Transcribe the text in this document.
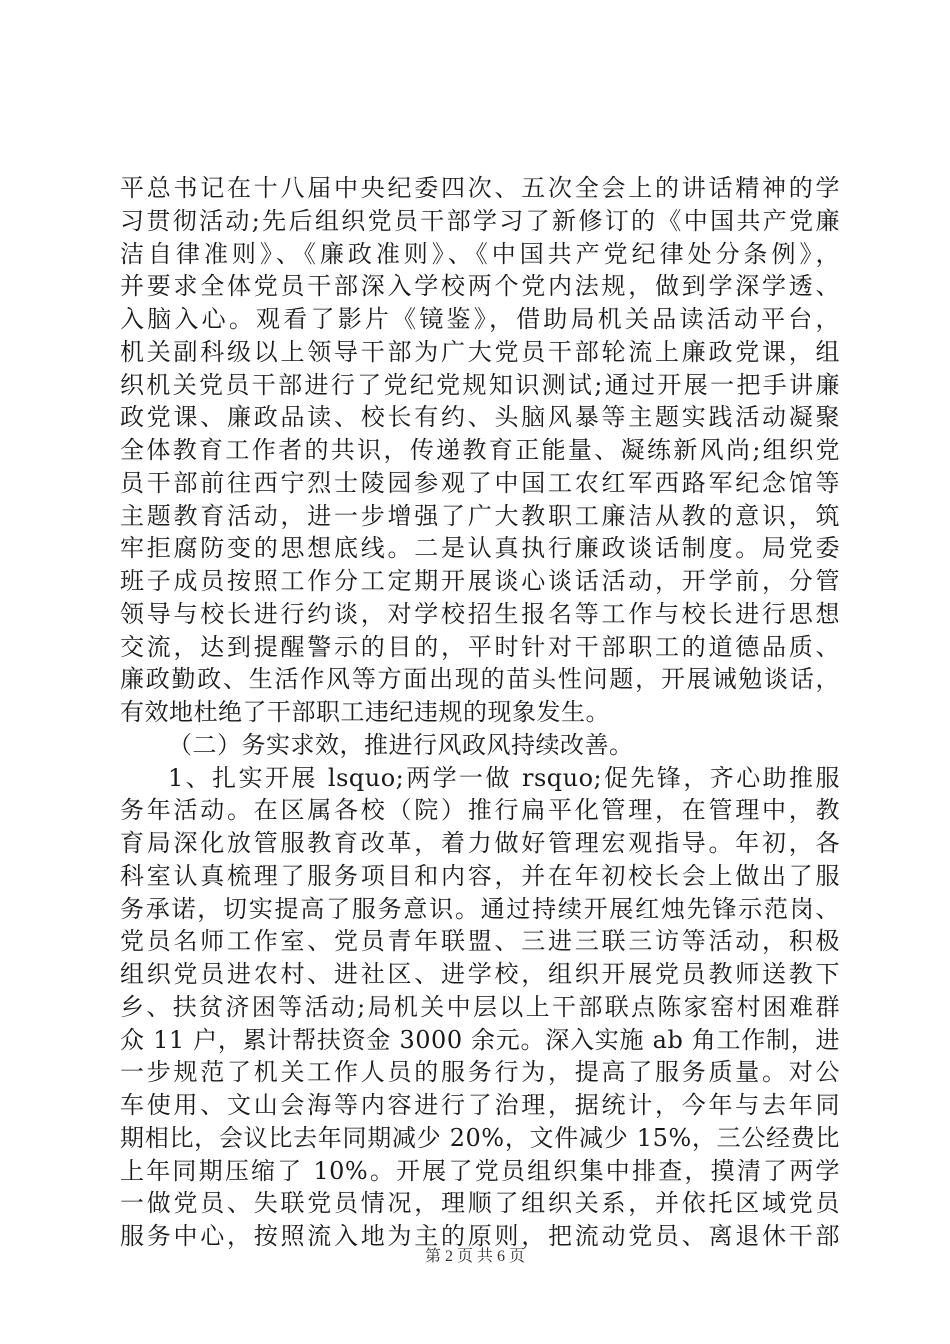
平总书记在十八届中央纪委四次、五次全会上的讲话精神的学
习贯彻活动;先后组织党员干部学习了新修订的《中国共产党廉
洁自律准则》、《廉政准则》、《中国共产党纪律处分条例》，
并要求全体党员干部深入学校两个党内法规，做到学深学透、
入脑入心。观看了影片《镜鉴》，借助局机关品读活动平台，
机关副科级以上领导干部为广大党员干部轮流上廉政党课，组
织机关党员干部进行了党纪党规知识测试;通过开展一把手讲廉
政党课、廉政品读、校长有约、头脑风暴等主题实践活动凝聚
全体教育工作者的共识，传递教育正能量、凝练新风尚;组织党
员干部前往西宁烈士陵园参观了中国工农红军西路军纪念馆等
主题教育活动，进一步增强了广大教职工廉洁从教的意识，筑
牢拒腐防变的思想底线。二是认真执行廉政谈话制度。局党委
班子成员按照工作分工定期开展谈心谈话活动，开学前，分管
领导与校长进行约谈，对学校招生报名等工作与校长进行思想
交流，达到提醒警示的目的，平时针对干部职工的道德品质、
廉政勤政、生活作风等方面出现的苗头性问题，开展诫勉谈话，
有效地杜绝了干部职工违纪违规的现象发生。
（二）务实求效，推进行风政风持续改善。
1、扎实开展 lsquo;两学一做 rsquo;促先锋，齐心助推服
务年活动。在区属各校（院）推行扁平化管理，在管理中，教
育局深化放管服教育改革，着力做好管理宏观指导。年初，各
科室认真梳理了服务项目和内容，并在年初校长会上做出了服
务承诺，切实提高了服务意识。通过持续开展红烛先锋示范岗、
党员名师工作室、党员青年联盟、三进三联三访等活动，积极
组织党员进农村、进社区、进学校，组织开展党员教师送教下
乡、扶贫济困等活动;局机关中层以上干部联点陈家窑村困难群
众 11 户，累计帮扶资金 3000 余元。深入实施 ab 角工作制，进
一步规范了机关工作人员的服务行为，提高了服务质量。对公
车使用、文山会海等内容进行了治理，据统计，今年与去年同
期相比，会议比去年同期减少 20%，文件减少 15%，三公经费比
上年同期压缩了 10%。开展了党员组织集中排查，摸清了两学
一做党员、失联党员情况，理顺了组织关系，并依托区域党员
服务中心，按照流入地为主的原则，把流动党员、离退休干部
第 2 页 共 6 页
